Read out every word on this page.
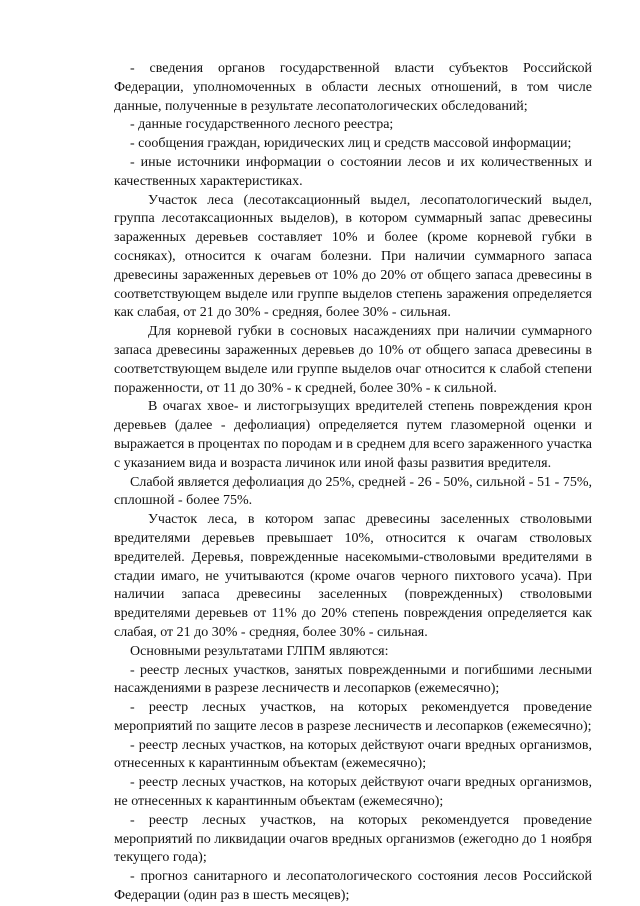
- сведения органов государственной власти субъектов Российской Федерации, уполномоченных в области лесных отношений, в том числе данные, полученные в результате лесопатологических обследований;

- данные государственного лесного реестра;

- сообщения граждан, юридических лиц и средств массовой информации;

- иные источники информации о состоянии лесов и их количественных и качественных характеристиках.

Участок леса (лесотаксационный выдел, лесопатологический выдел, группа лесотаксационных выделов), в котором суммарный запас древесины зараженных деревьев составляет 10% и более (кроме корневой губки в сосняках), относится к очагам болезни. При наличии суммарного запаса древесины зараженных деревьев от 10% до 20% от общего запаса древесины в соответствующем выделе или группе выделов степень заражения определяется как слабая, от 21 до 30% - средняя, более 30% - сильная.

Для корневой губки в сосновых насаждениях при наличии суммарного запаса древесины зараженных деревьев до 10% от общего запаса древесины в соответствующем выделе или группе выделов очаг относится к слабой степени пораженности, от 11 до 30% - к средней, более 30% - к сильной.

В очагах хвое- и листогрызущих вредителей степень повреждения крон деревьев (далее - дефолиация) определяется путем глазомерной оценки и выражается в процентах по породам и в среднем для всего зараженного участка с указанием вида и возраста личинок или иной фазы развития вредителя.

Слабой является дефолиация до 25%, средней - 26 - 50%, сильной - 51 - 75%, сплошной - более 75%.

Участок леса, в котором запас древесины заселенных стволовыми вредителями деревьев превышает 10%, относится к очагам стволовых вредителей. Деревья, поврежденные насекомыми-стволовыми вредителями в стадии имаго, не учитываются (кроме очагов черного пихтового усача). При наличии запаса древесины заселенных (поврежденных) стволовыми вредителями деревьев от 11% до 20% степень повреждения определяется как слабая, от 21 до 30% - средняя, более 30% - сильная.

Основными результатами ГЛПМ являются:

- реестр лесных участков, занятых поврежденными и погибшими лесными насаждениями в разрезе лесничеств и лесопарков (ежемесячно);

- реестр лесных участков, на которых рекомендуется проведение мероприятий по защите лесов в разрезе лесничеств и лесопарков (ежемесячно);

- реестр лесных участков, на которых действуют очаги вредных организмов, отнесенных к карантинным объектам (ежемесячно);

- реестр лесных участков, на которых действуют очаги вредных организмов, не отнесенных к карантинным объектам (ежемесячно);

- реестр лесных участков, на которых рекомендуется проведение мероприятий по ликвидации очагов вредных организмов (ежегодно до 1 ноября текущего года);

- прогноз санитарного и лесопатологического состояния лесов Российской Федерации (один раз в шесть месяцев);
